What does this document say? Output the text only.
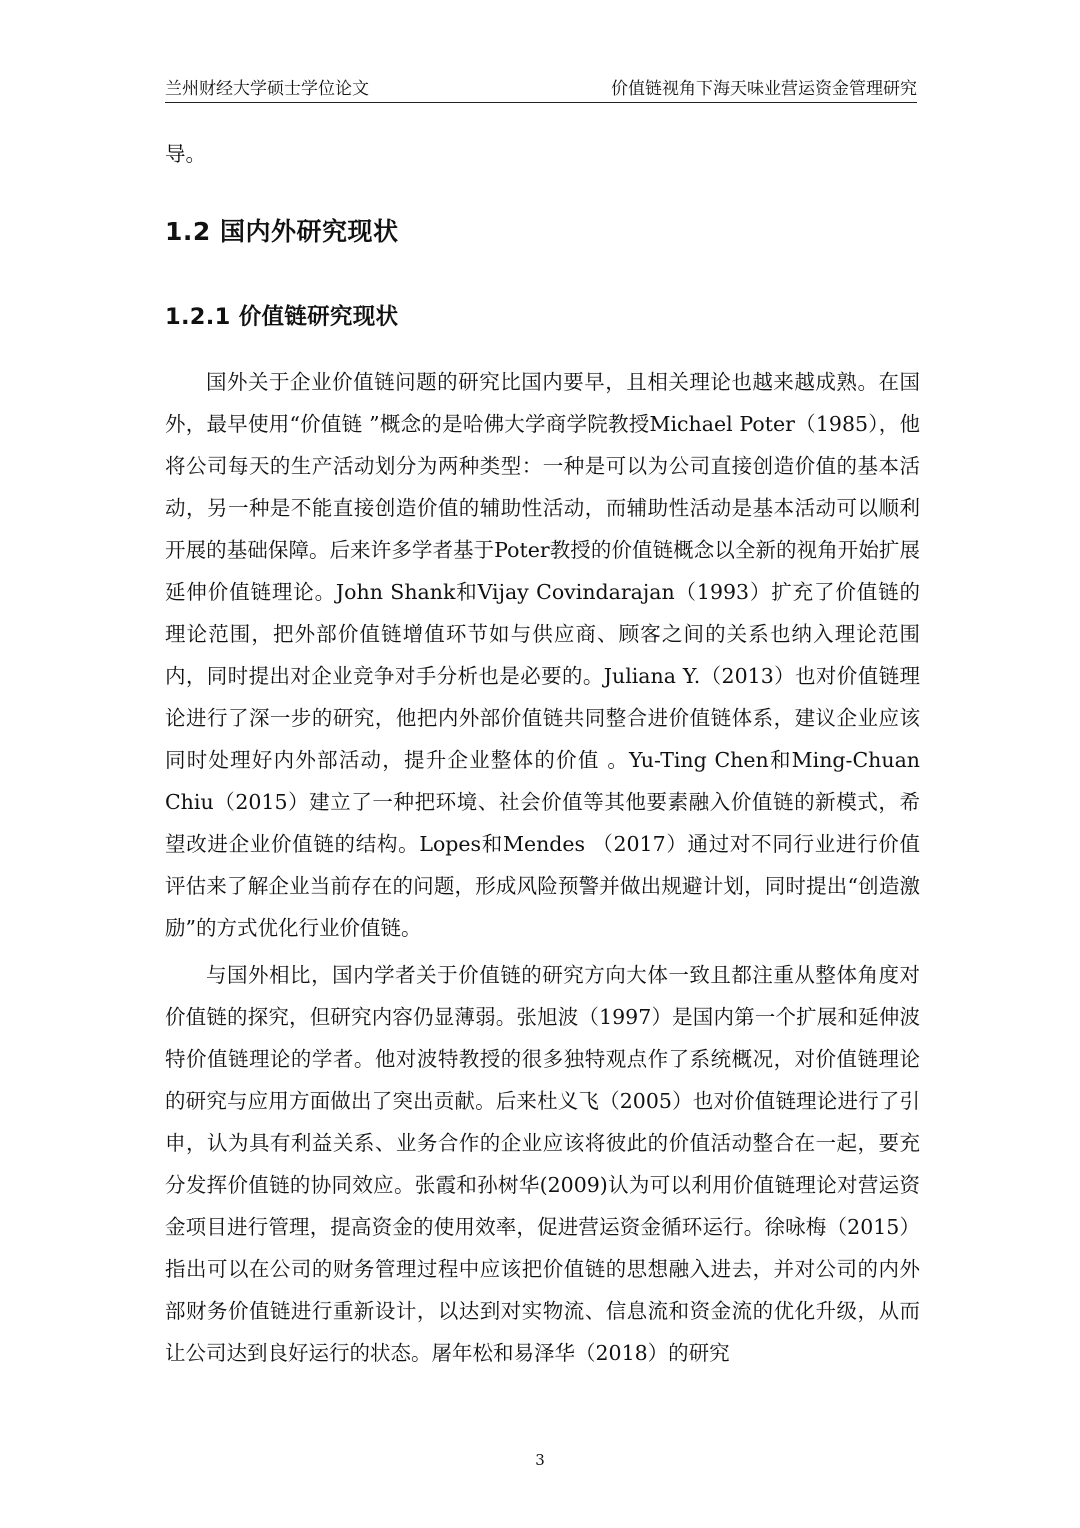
兰州财经大学硕士学位论文	价值链视角下海天味业营运资金管理研究

导。

1.2 国内外研究现状
1.2.1 价值链研究现状

国外关于企业价值链问题的研究比国内要早，且相关理论也越来越成熟。在国外，最早使用“价值链 ”概念的是哈佛大学商学院教授Michael Poter（1985），他将公司每天的生产活动划分为两种类型：一种是可以为公司直接创造价值的基本活动，另一种是不能直接创造价值的辅助性活动，而辅助性活动是基本活动可以顺利开展的基础保障。后来许多学者基于Poter教授的价值链概念以全新的视角开始扩展延伸价值链理论。John Shank和Vijay Covindarajan（1993）扩充了价值链的理论范围，把外部价值链增值环节如与供应商、顾客之间的关系也纳入理论范围内，同时提出对企业竞争对手分析也是必要的。Juliana Y.（2013）也对价值链理论进行了深一步的研究，他把内外部价值链共同整合进价值链体系，建议企业应该同时处理好内外部活动，提升企业整体的价值 。Yu-Ting Chen和Ming-Chuan Chiu（2015）建立了一种把环境、社会价值等其他要素融入价值链的新模式，希望改进企业价值链的结构。Lopes和Mendes （2017）通过对不同行业进行价值评估来了解企业当前存在的问题，形成风险预警并做出规避计划，同时提出“创造激励”的方式优化行业价值链。

与国外相比，国内学者关于价值链的研究方向大体一致且都注重从整体角度对价值链的探究，但研究内容仍显薄弱。张旭波（1997）是国内第一个扩展和延伸波特价值链理论的学者。他对波特教授的很多独特观点作了系统概况，对价值链理论的研究与应用方面做出了突出贡献。后来杜义飞（2005）也对价值链理论进行了引申，认为具有利益关系、业务合作的企业应该将彼此的价值活动整合在一起，要充分发挥价值链的协同效应。张霞和孙树华(2009)认为可以利用价值链理论对营运资金项目进行管理，提高资金的使用效率，促进营运资金循环运行。徐咏梅（2015）指出可以在公司的财务管理过程中应该把价值链的思想融入进去，并对公司的内外部财务价值链进行重新设计，以达到对实物流、信息流和资金流的优化升级，从而让公司达到良好运行的状态。屠年松和易泽华（2018）的研究

3
